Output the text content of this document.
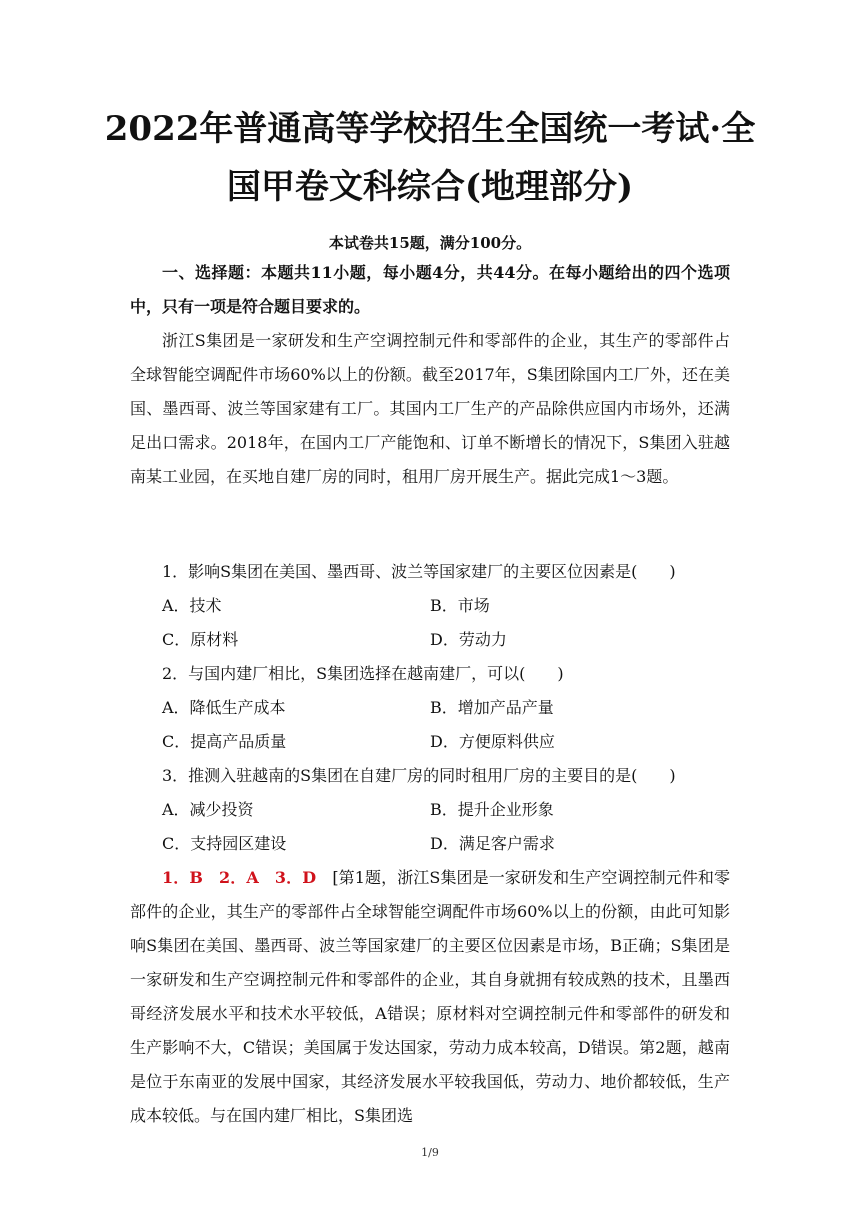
2022年普通高等学校招生全国统一考试·全
国甲卷文科综合(地理部分)
本试卷共15题，满分100分。

一、选择题：本题共11小题，每小题4分，共44分。在每小题给出的四个选项中，只有一项是符合题目要求的。

浙江S集团是一家研发和生产空调控制元件和零部件的企业，其生产的零部件占全球智能空调配件市场60%以上的份额。截至2017年，S集团除国内工厂外，还在美国、墨西哥、波兰等国家建有工厂。其国内工厂生产的产品除供应国内市场外，还满足出口需求。2018年，在国内工厂产能饱和、订单不断增长的情况下，S集团入驻越南某工业园，在买地自建厂房的同时，租用厂房开展生产。据此完成1～3题。

1．影响S集团在美国、墨西哥、波兰等国家建厂的主要区位因素是(　　)
A．技术	B．市场
C．原材料	D．劳动力
2．与国内建厂相比，S集团选择在越南建厂，可以(　　)
A．降低生产成本	B．增加产品产量
C．提高产品质量	D．方便原料供应
3．推测入驻越南的S集团在自建厂房的同时租用厂房的主要目的是(　　)
A．减少投资	B．提升企业形象
C．支持园区建设	D．满足客户需求

1．B　2．A　3．D　[第1题，浙江S集团是一家研发和生产空调控制元件和零部件的企业，其生产的零部件占全球智能空调配件市场60%以上的份额，由此可知影响S集团在美国、墨西哥、波兰等国家建厂的主要区位因素是市场，B正确；S集团是一家研发和生产空调控制元件和零部件的企业，其自身就拥有较成熟的技术，且墨西哥经济发展水平和技术水平较低，A错误；原材料对空调控制元件和零部件的研发和生产影响不大，C错误；美国属于发达国家，劳动力成本较高，D错误。第2题，越南是位于东南亚的发展中国家，其经济发展水平较我国低，劳动力、地价都较低，生产成本较低。与在国内建厂相比，S集团选

1/9
